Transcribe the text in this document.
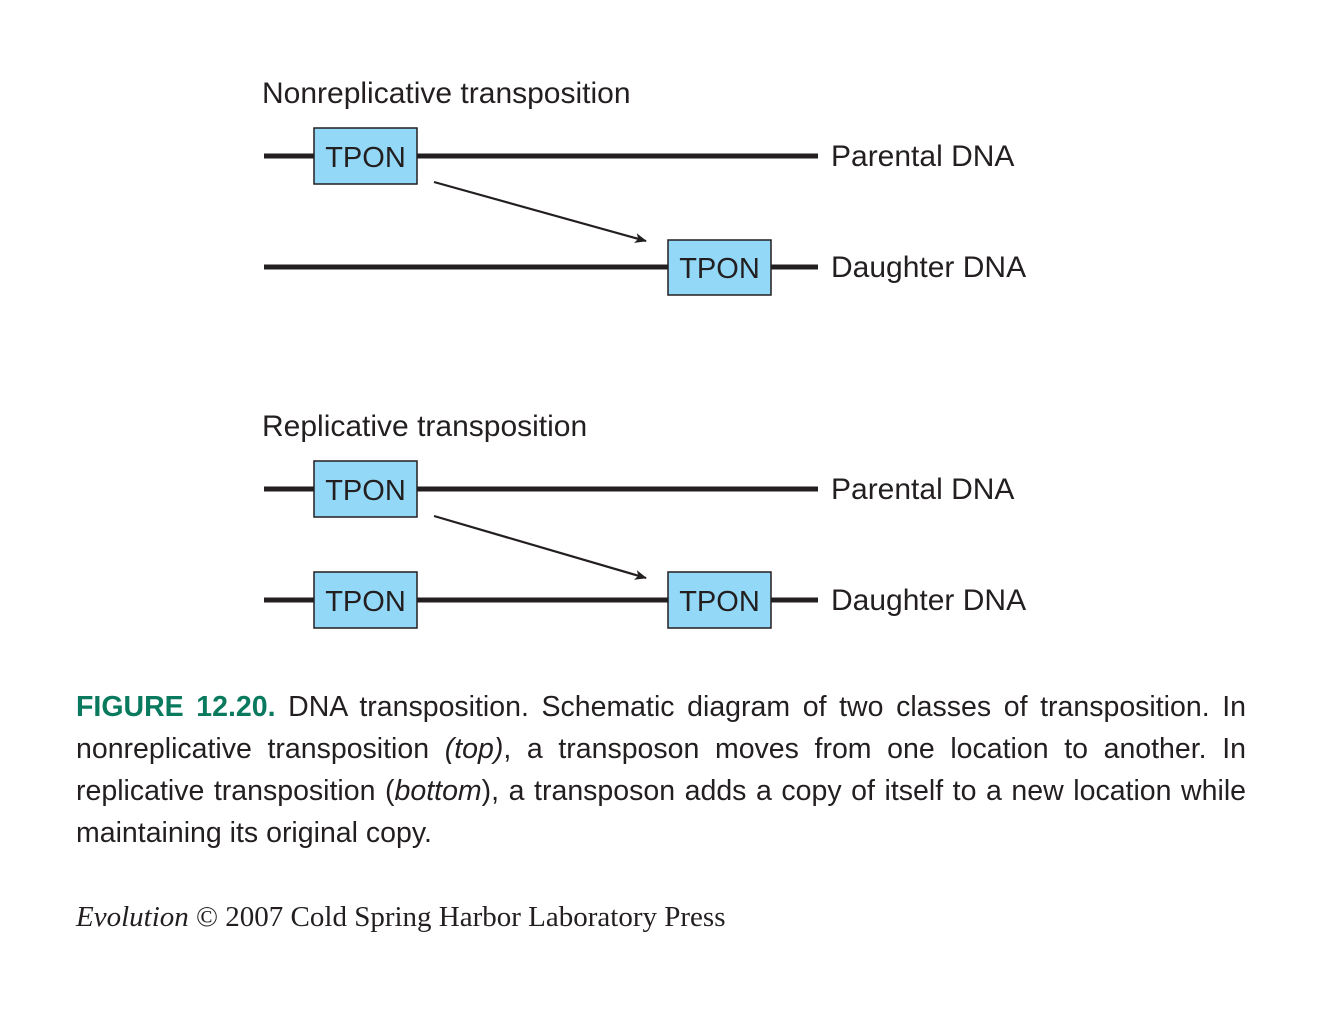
Nonreplicative transposition
TPON	Parental DNA
TPON Daughter DNA
Replicative transposition
TPON	Parental DNA
TPON	TPON Daughter DNA

FIGURE 12.20. DNA transposition. Schematic diagram of two classes of transposition. In nonreplicative transposition (top), a transposon moves from one location to another. In replicative transposition (bottom), a transposon adds a copy of itself to a new location while maintaining its original copy.

Evolution © 2007 Cold Spring Harbor Laboratory Press
